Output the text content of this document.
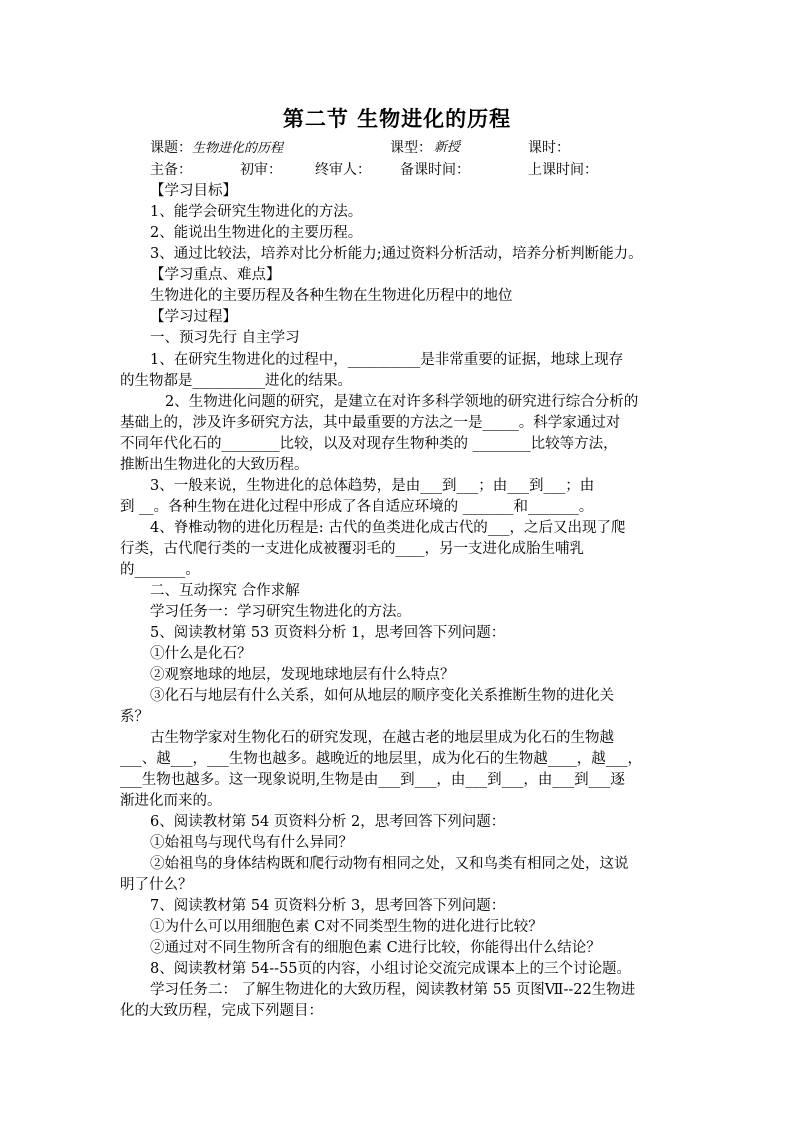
第二节 生物进化的历程
课题：生物进化的历程	课型： 新授	课时：
主备：	初审： 终审人： 备课时间：	上课时间：
【学习目标】
1、能学会研究生物进化的方法。
2、能说出生物进化的主要历程。
3、通过比较法，培养对比分析能力;通过资料分析活动，培养分析判断能力。
【学习重点、难点】
生物进化的主要历程及各种生物在生物进化历程中的地位
【学习过程】
一、预习先行 自主学习
1、在研究生物进化的过程中，__________是非常重要的证据，地球上现存
的生物都是__________进化的结果。
2、生物进化问题的研究，是建立在对许多科学领地的研究进行综合分析的
基础上的，涉及许多研究方法，其中最重要的方法之一是_____。科学家通过对
不同年代化石的________比较，以及对现存生物种类的 ________比较等方法，
推断出生物进化的大致历程。
3、一般来说，生物进化的总体趋势，是由___到___；由___到___；由
到 __。各种生物在进化过程中形成了各自适应环境的 _______和_______。
4、脊椎动物的进化历程是: 古代的鱼类进化成古代的___，之后又出现了爬
行类，古代爬行类的一支进化成被覆羽毛的____，另一支进化成胎生哺乳
的_______。
二、互动探究 合作求解
学习任务一：学习研究生物进化的方法。
5、阅读教材第 53 页资料分析 1，思考回答下列问题：
①什么是化石？
②观察地球的地层，发现地球地层有什么特点？
③化石与地层有什么关系，如何从地层的顺序变化关系推断生物的进化关
系？
古生物学家对生物化石的研究发现，在越古老的地层里成为化石的生物越
___、越___，___生物也越多。越晚近的地层里，成为化石的生物越____，越___，
___生物也越多。这一现象说明,生物是由___到___，由___到___，由___到___逐
渐进化而来的。
6、阅读教材第 54 页资料分析 2，思考回答下列问题：
①始祖鸟与现代鸟有什么异同？
②始祖鸟的身体结构既和爬行动物有相同之处，又和鸟类有相同之处，这说
明了什么？
7、阅读教材第 54 页资料分析 3，思考回答下列问题：
①为什么可以用细胞色素 C对不同类型生物的进化进行比较？
②通过对不同生物所含有的细胞色素 C进行比较，你能得出什么结论？
8、阅读教材第 54--55页的内容，小组讨论交流完成课本上的三个讨论题。
学习任务二： 了解生物进化的大致历程，阅读教材第 55 页图Ⅶ--22生物进
化的大致历程，完成下列题目：
